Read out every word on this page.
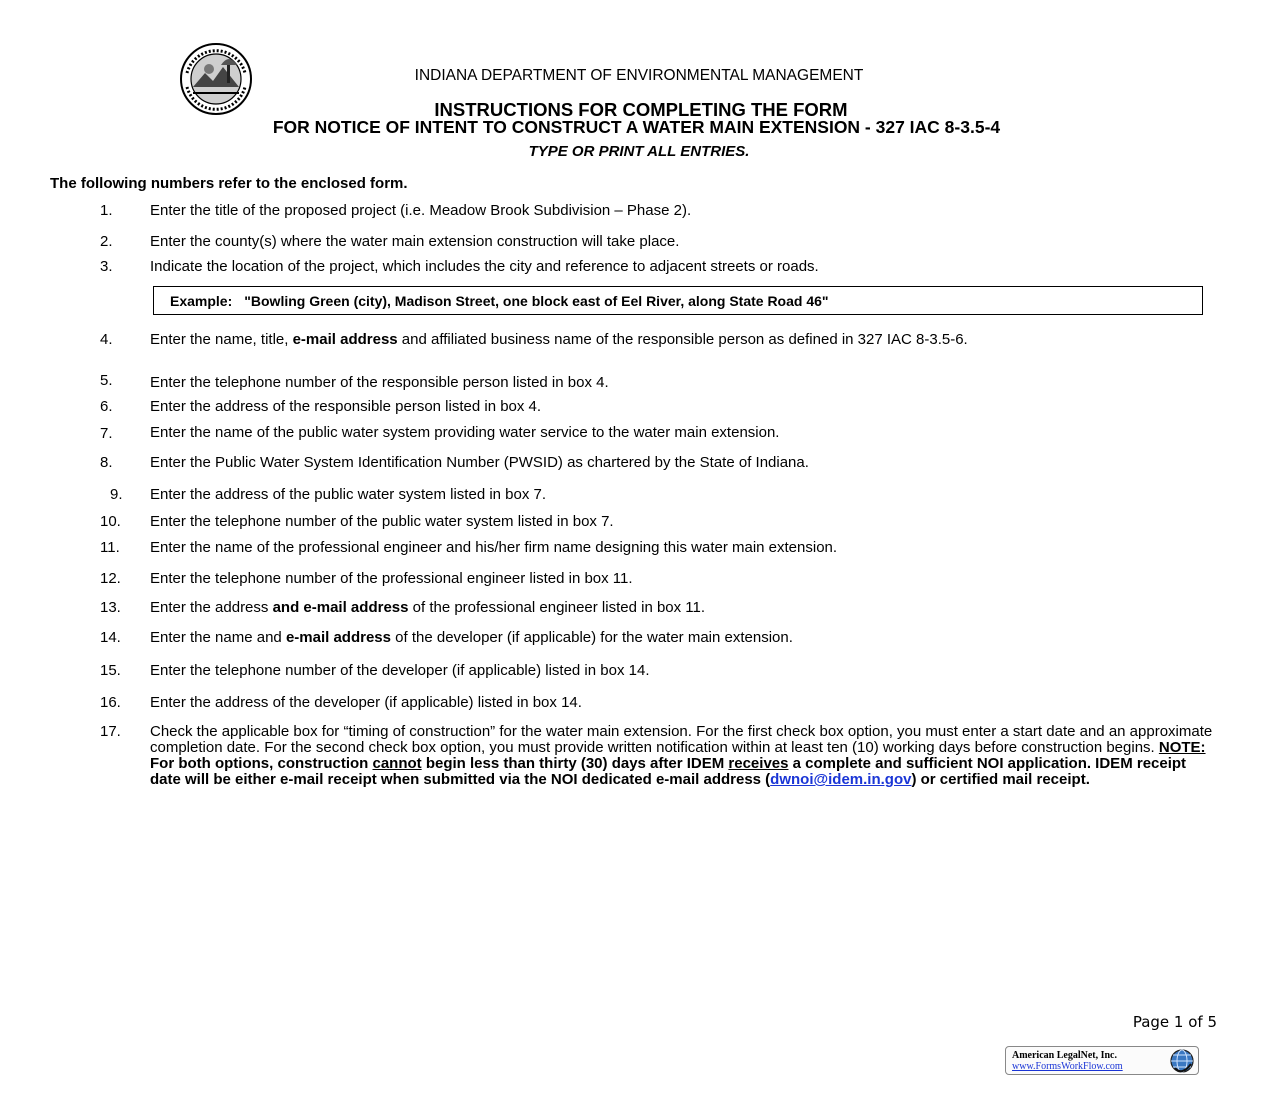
INDIANA DEPARTMENT OF ENVIRONMENTAL MANAGEMENT
INSTRUCTIONS FOR COMPLETING THE FORM
FOR NOTICE OF INTENT TO CONSTRUCT A WATER MAIN EXTENSION - 327 IAC 8-3.5-4
TYPE OR PRINT ALL ENTRIES.
The following numbers refer to the enclosed form.
1.	Enter the title of the proposed project (i.e. Meadow Brook Subdivision – Phase 2).
2.	Enter the county(s) where the water main extension construction will take place.
3.	Indicate the location of the project, which includes the city and reference to adjacent streets or roads.
Example: "Bowling Green (city), Madison Street, one block east of Eel River, along State Road 46"
4.	Enter the name, title, e-mail address and affiliated business name of the responsible person as defined in 327 IAC 8-3.5-6.
5.	Enter the telephone number of the responsible person listed in box 4.
6.	Enter the address of the responsible person listed in box 4.
7.	Enter the name of the public water system providing water service to the water main extension.
8.	Enter the Public Water System Identification Number (PWSID) as chartered by the State of Indiana.
9.	Enter the address of the public water system listed in box 7.
10.	Enter the telephone number of the public water system listed in box 7.
11.	Enter the name of the professional engineer and his/her firm name designing this water main extension.
12.	Enter the telephone number of the professional engineer listed in box 11.
13.	Enter the address and e-mail address of the professional engineer listed in box 11.
14.	Enter the name and e-mail address of the developer (if applicable) for the water main extension.
15.	Enter the telephone number of the developer (if applicable) listed in box 14.
16.	Enter the address of the developer (if applicable) listed in box 14.
17.	Check the applicable box for “timing of construction” for the water main extension. For the first check box option, you must enter a start date and an approximate completion date. For the second check box option, you must provide written notification within at least ten (10) working days before construction begins. NOTE: For both options, construction cannot begin less than thirty (30) days after IDEM receives a complete and sufficient NOI application. IDEM receipt date will be either e-mail receipt when submitted via the NOI dedicated e-mail address (dwnoi@idem.in.gov) or certified mail receipt.
Page 1 of 5
American LegalNet, Inc.
www.FormsWorkFlow.com
